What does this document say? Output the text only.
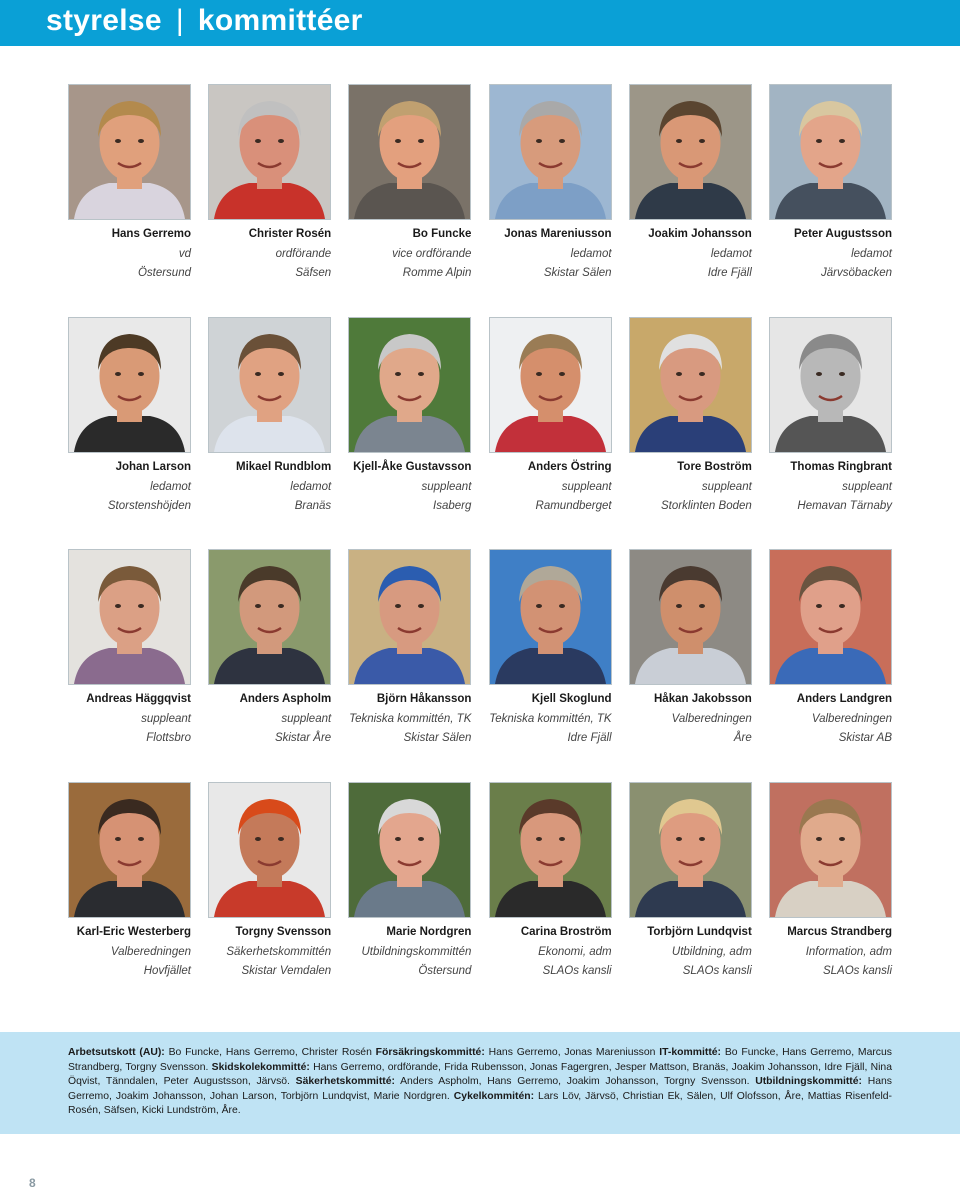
styrelse | kommittéer
Hans Gerremo
vd
Östersund
Christer Rosén
ordförande
Säfsen
Bo Funcke
vice ordförande
Romme Alpin
Jonas Mareniusson
ledamot
Skistar Sälen
Joakim Johansson
ledamot
Idre Fjäll
Peter Augustsson
ledamot
Järvsöbacken
Johan Larson
ledamot
Storstenshöjden
Mikael Rundblom
ledamot
Branäs
Kjell-Åke Gustavsson
suppleant
Isaberg
Anders Östring
suppleant
Ramundberget
Tore Boström
suppleant
Storklinten Boden
Thomas Ringbrant
suppleant
Hemavan Tärnaby
Andreas Häggqvist
suppleant
Flottsbro
Anders Aspholm
suppleant
Skistar Åre
Björn Håkansson
Tekniska kommittén, TK
Skistar Sälen
Kjell Skoglund
Tekniska kommittén, TK
Idre Fjäll
Håkan Jakobsson
Valberedningen
Åre
Anders Landgren
Valberedningen
Skistar AB
Karl-Eric Westerberg
Valberedningen
Hovfjället
Torgny Svensson
Säkerhetskommittén
Skistar Vemdalen
Marie Nordgren
Utbildningskommittén
Östersund
Carina Broström
Ekonomi, adm
SLAOs kansli
Torbjörn Lundqvist
Utbildning, adm
SLAOs kansli
Marcus Strandberg
Information, adm
SLAOs kansli

Arbetsutskott (AU): Bo Funcke, Hans Gerremo, Christer Rosén Försäkringskommitté: Hans Gerremo, Jonas Mareniusson IT-kommitté: Bo Funcke, Hans Gerremo, Marcus Strandberg, Torgny Svensson. Skidskolekommitté: Hans Gerremo, ordförande, Frida Rubensson, Jonas Fagergren, Jesper Mattson, Branäs, Joakim Johansson, Idre Fjäll, Nina Öqvist, Tänndalen, Peter Augustsson, Järvsö. Säkerhetskommitté: Anders Aspholm, Hans Gerremo, Joakim Johansson, Torgny Svensson. Utbildningskommitté: Hans Gerremo, Joakim Johansson, Johan Larson, Torbjörn Lundqvist, Marie Nordgren. Cykelkommitén: Lars Löv, Järvsö, Christian Ek, Sälen, Ulf Olofsson, Åre, Mattias Risenfeld-Rosén, Säfsen, Kicki Lundström, Åre.

8
